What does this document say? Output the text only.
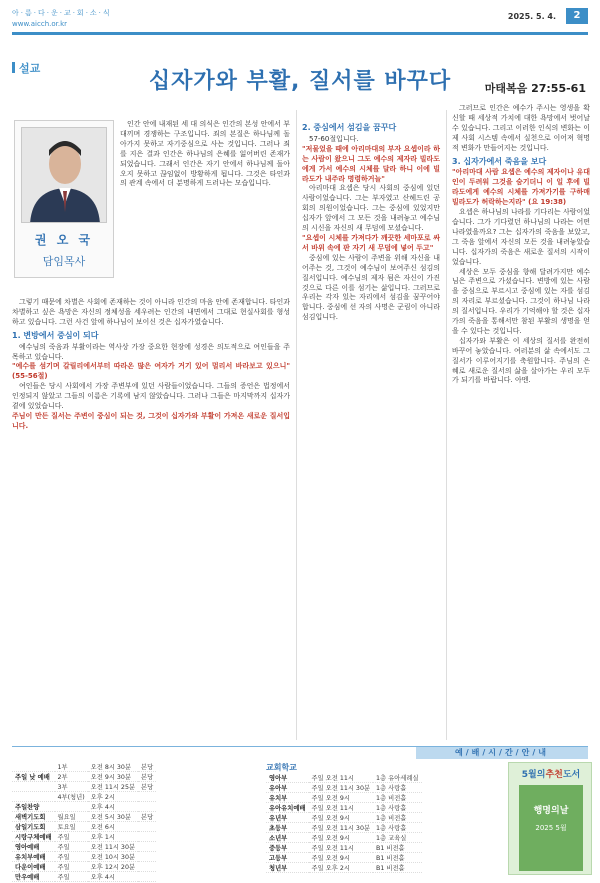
아·름·다·운·교·회·소·식
www.aicch.or.kr
2025. 5. 4.	2
설교
십자가와 부활, 질서를 바꾸다	마태복음 27:55-61
권 오 국
담임목사

인간 안에 내재된 세 대 의식은 인간의 본성 안에서 부대끼며 경쟁하는 구조입니다. 죄의 본질은 하나님께 돌아가지 못하고 자기중심으로 사는 것입니다. 그러나 죄를 지은 결과 인간은 하나님의 은혜를 잃어버린 존재가 되었습니다. 그래서 인간은 자기 안에서 하나님께 돌아오지 못하고 끊임없이 방황하게 됩니다. 그것은 타인과의 관계 속에서 더 분명하게 드러나는 모습입니다.

그렇기 때문에 차별은 사회에 존재하는 것이 아니라 인간의 마음 안에 존재합니다. 타인과 차별하고 싶은 욕망은 자신의 정체성을 세우려는 인간의 내면에서 그대로 현실사회를 형성하고 있습니다. 그런 사건 앞에 하나님이 보이신 것은 십자가였습니다.

1. 변방에서 중심이 되다

예수님의 죽음과 부활이라는 역사상 가장 중요한 현장에 성경은 의도적으로 여인들을 주목하고 있습니다.

"예수를 섬기며 갈릴리에서부터 따라온 많은 여자가 거기 있어 멀리서 바라보고 있으니" (55-56절)

여인들은 당시 사회에서 가장 주변부에 있던 사람들이었습니다. 그들의 증언은 법정에서 인정되지 않았고 그들의 이름은 기록에 남지 않았습니다. 그러나 그들은 마지막까지 십자가 곁에 있었습니다.

주님이 만든 질서는 주변이 중심이 되는 것, 그것이 십자가와 부활이 가져온 새로운 질서입니다.

2. 중심에서 섬김을 꿈꾸다

57-60절입니다.

"저물었을 때에 아리마대의 부자 요셉이라 하는 사람이 왔으니 그도 예수의 제자라 빌라도에게 가서 예수의 시체를 달라 하니 이에 빌라도가 내주라 명령하거늘"

아리마대 요셉은 당시 사회의 중심에 있던 사람이었습니다. 그는 부자였고 산헤드린 공회의 의원이었습니다. 그는 중심에 있었지만 십자가 앞에서 그 모든 것을 내려놓고 예수님의 시신을 자신의 새 무덤에 모셨습니다.

"요셉이 시체를 가져다가 깨끗한 세마포로 싸서 바위 속에 판 자기 새 무덤에 넣어 두고"

중심에 있는 사람이 주변을 위해 자신을 내어주는 것, 그것이 예수님이 보여주신 섬김의 질서입니다. 예수님의 제자 됨은 자신이 가진 것으로 다른 이를 섬기는 삶입니다. 그러므로 우리는 각자 있는 자리에서 섬김을 꿈꾸어야 합니다. 중심에 선 자의 사명은 군림이 아니라 섬김입니다.

그러므로 인간은 예수가 주시는 영생을 확신할 때 세상적 가치에 대한 욕망에서 벗어날 수 있습니다. 그리고 이러한 인식의 변화는 이제 사회 시스템 속에서 실천으로 이어져 혁명적 변화가 만들어지는 것입니다.

3. 십자가에서 죽음을 보다

"아리마대 사람 요셉은 예수의 제자이나 유대인이 두려워 그것을 숨기더니 이 일 후에 빌라도에게 예수의 시체를 가져가기를 구하매 빌라도가 허락하는지라" (요 19:38)

요셉은 하나님의 나라를 기다리는 사람이었습니다. 그가 기다렸던 하나님의 나라는 어떤 나라였을까요? 그는 십자가의 죽음을 보았고, 그 죽음 앞에서 자신의 모든 것을 내려놓았습니다. 십자가의 죽음은 새로운 질서의 시작이었습니다.

세상은 모두 중심을 향해 달려가지만 예수님은 주변으로 가셨습니다. 변방에 있는 사람을 중심으로 부르시고 중심에 있는 자를 섬김의 자리로 부르셨습니다. 그것이 하나님 나라의 질서입니다. 우리가 기억해야 할 것은 십자가의 죽음을 통해서만 참된 부활의 생명을 얻을 수 있다는 것입니다.

십자가와 부활은 이 세상의 질서를 완전히 바꾸어 놓았습니다. 여러분의 삶 속에서도 그 질서가 이루어지기를 축원합니다. 주님의 은혜로 새로운 질서의 삶을 살아가는 우리 모두가 되기를 바랍니다. 아멘.

예/배/시/간/안/내
	1부	오전 8시 30분	본당
주일 낮 예배	2부	오전 9시 30분	본당
	3부	오전 11시 25분	본당
	4부(청년)	오후 2시	
주일찬양		오후 4시	
새벽기도회	월요일	오전 5시 30분	본당
삼일기도회	토요일	오전 6시	
시랑구체예배	주일	오후 1시	
영아예배	주일	오전 11시 30분	
유치부예배	주일	오전 10시 30분	
다운이예배	주일	오후 12시 20분	
만우예배	주일	오후 4시	
교회학교
영아부	주일 오전 11시	1층 유아세례실
유아부	주일 오전 11시 30분	1층 사랑홀
유치부	주일 오전 9시	1층 비전홀
유아유치예배	주일 오전 11시	1층 사랑홀
유년부	주일 오전 9시	1층 비전홀
초등부	주일 오전 11시 30분	1층 사랑홀
소년부	주일 오전 9시	1층 교육실
중등부	주일 오전 11시	B1 비전홀
고등부	주일 오전 9시	B1 비전홀
청년부	주일 오후 2시	B1 비전홀
5월의추천도서
행명의날
2025 5월
